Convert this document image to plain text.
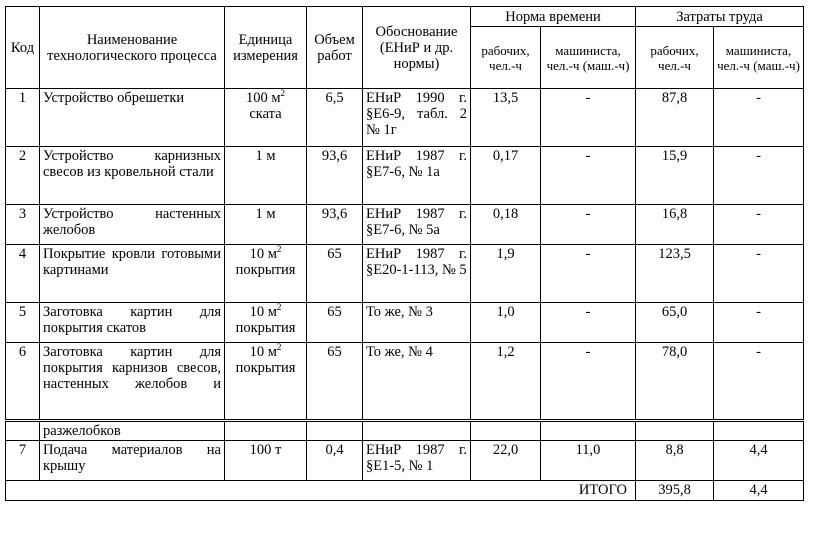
Код	Наименование технологического процесса	Единица измерения	Объем работ	Обоснование (ЕНиР и др. нормы)	Норма времени		Затраты труда	
					рабочих, чел.-ч	машиниста, чел.-ч (маш.-ч)	рабочих, чел.-ч	машиниста, чел.-ч (маш.-ч)
1	Устройство обрешетки	100 $м^2$
ската	6,5	ЕНиР 1990 г. §Е6-9, табл. 2 № 1г	13,5	-	87,8	-
2	Устройство карнизных свесов из кровельной стали	1 м	93,6	ЕНиР 1987 г. §Е7-6, № 1а	0,17	-	15,9	-
3	Устройство настенных желобов	1 м	93,6	ЕНиР 1987 г. §Е7-6, № 5а	0,18	-	16,8	-
4	Покрытие кровли готовыми картинами	10 $м^2$
покрытия	65	ЕНиР 1987 г. §Е20-1-113, № 5	1,9	-	123,5	-
5	Заготовка картин для покрытия скатов	10 $м^2$
покрытия	65	То же, № 3	1,0	-	65,0	-
6	Заготовка картин для покрытия карнизов свесов, настенных желобов и	10 $м^2$
покрытия	65	То же, № 4	1,2	-	78,0	-
	разжелобков							
7	Подача материалов на крышу	100 т	0,4	ЕНиР 1987 г. §Е1-5, № 1	22,0	11,0	8,8	4,4
ИТОГО							395,8	4,4
